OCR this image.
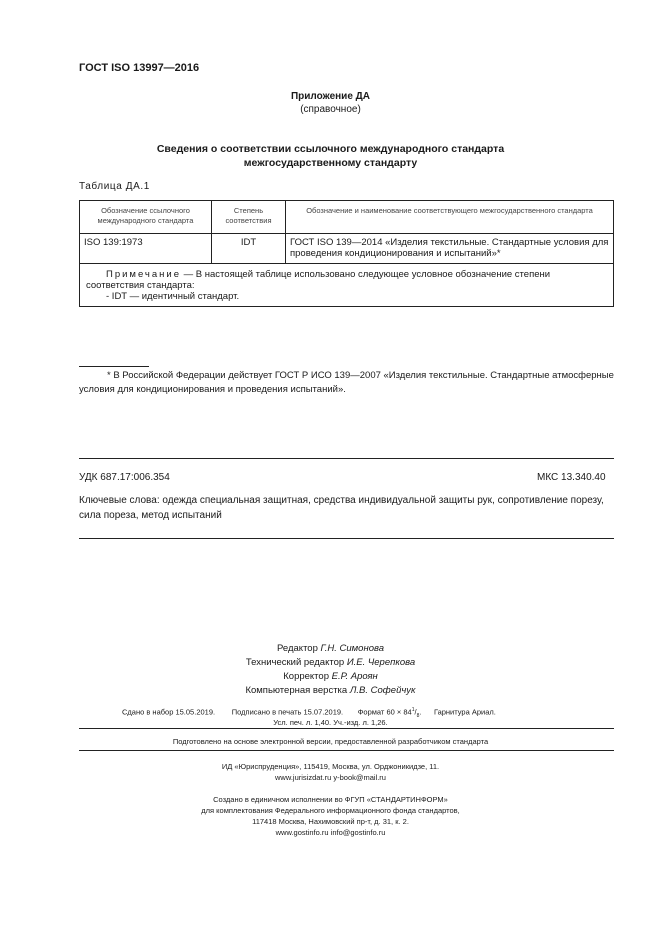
ГОСТ ISO 13997—2016
Приложение ДА
(справочное)
Сведения о соответствии ссылочного международного стандарта
межгосударственному стандарту
Таблица ДА.1
Обозначение ссылочного международного стандарта	Степень соответствия	Обозначение и наименование соответствующего межгосударственного стандарта
ISO 139:1973	IDT	ГОСТ ISO 139—2014 «Изделия текстильные. Стандартные условия для проведения кондиционирования и испытаний»*

Примечание — В настоящей таблице использовано следующее условное обозначение степени соответствия стандарта:
- IDT — идентичный стандарт.		

* В Российской Федерации действует ГОСТ Р ИСО 139—2007 «Изделия текстильные. Стандартные атмосферные условия для кондиционирования и проведения испытаний».

УДК 687.17:006.354	МКС 13.340.40
Ключевые слова: одежда специальная защитная, средства индивидуальной защиты рук, сопротивление порезу, сила пореза, метод испытаний
Редактор Г.Н. Симонова
Технический редактор И.Е. Черепкова
Корректор Е.Р. Ароян
Компьютерная верстка Л.В. Софейчук
Сдано в набор 15.05.2019. Подписано в печать 15.07.2019. Формат $60 \times 84^1/_8$.      Гарнитура Ариал.
Усл. печ. л. 1,40. Уч.-изд. л. 1,26.
Подготовлено на основе электронной версии, предоставленной разработчиком стандарта
ИД «Юриспруденция», 115419, Москва, ул. Орджоникидзе, 11.
www.jurisizdat.ru y-book@mail.ru
Создано в единичном исполнении во ФГУП «СТАНДАРТИНФОРМ»
для комплектования Федерального информационного фонда стандартов,
117418 Москва, Нахимовский пр-т, д. 31, к. 2.
www.gostinfo.ru info@gostinfo.ru
